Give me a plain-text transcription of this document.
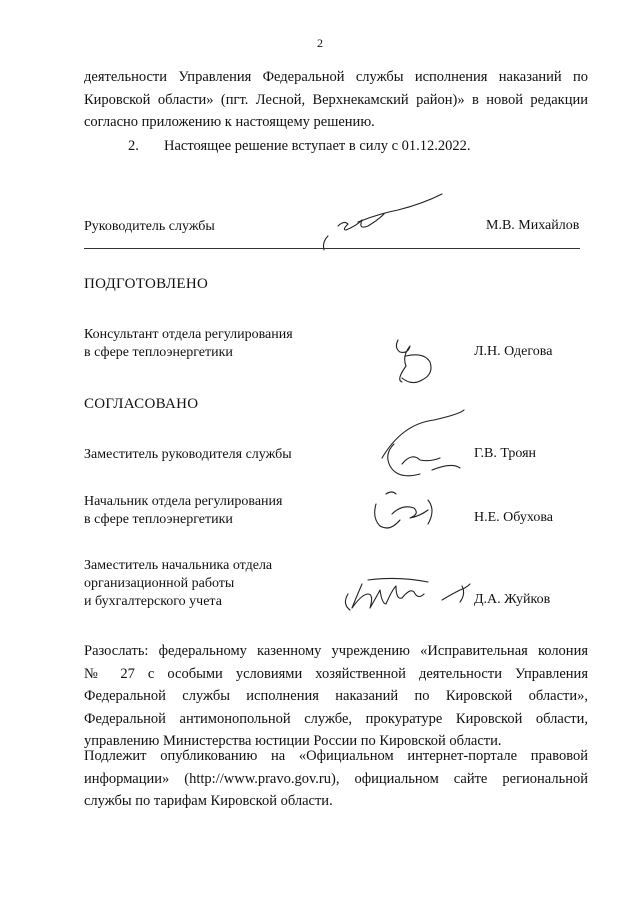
2
деятельности Управления Федеральной службы исполнения наказаний по
Кировской области» (пгт. Лесной, Верхнекамский район)» в новой редакции
согласно приложению к настоящему решению.
2. Настоящее решение вступает в силу с 01.12.2022.
Руководитель службы	М.В. Михайлов
ПОДГОТОВЛЕНО
Консультант отдела регулирования
в сфере теплоэнергетики	Л.Н. Одегова
СОГЛАСОВАНО
Заместитель руководителя службы	Г.В. Троян
Начальник отдела регулирования
в сфере теплоэнергетики	Н.Е. Обухова
Заместитель начальника отдела
организационной работы
и бухгалтерского учета	Д.А. Жуйков
Разослать: федеральному казенному учреждению «Исправительная колония
№ 27 с особыми условиями хозяйственной деятельности Управления
Федеральной службы исполнения наказаний по Кировской области»,
Федеральной антимонопольной службе, прокуратуре Кировской области,
управлению Министерства юстиции России по Кировской области.
Подлежит опубликованию на «Официальном интернет-портале правовой
информации» (http://www.pravo.gov.ru), официальном сайте региональной
службы по тарифам Кировской области.
